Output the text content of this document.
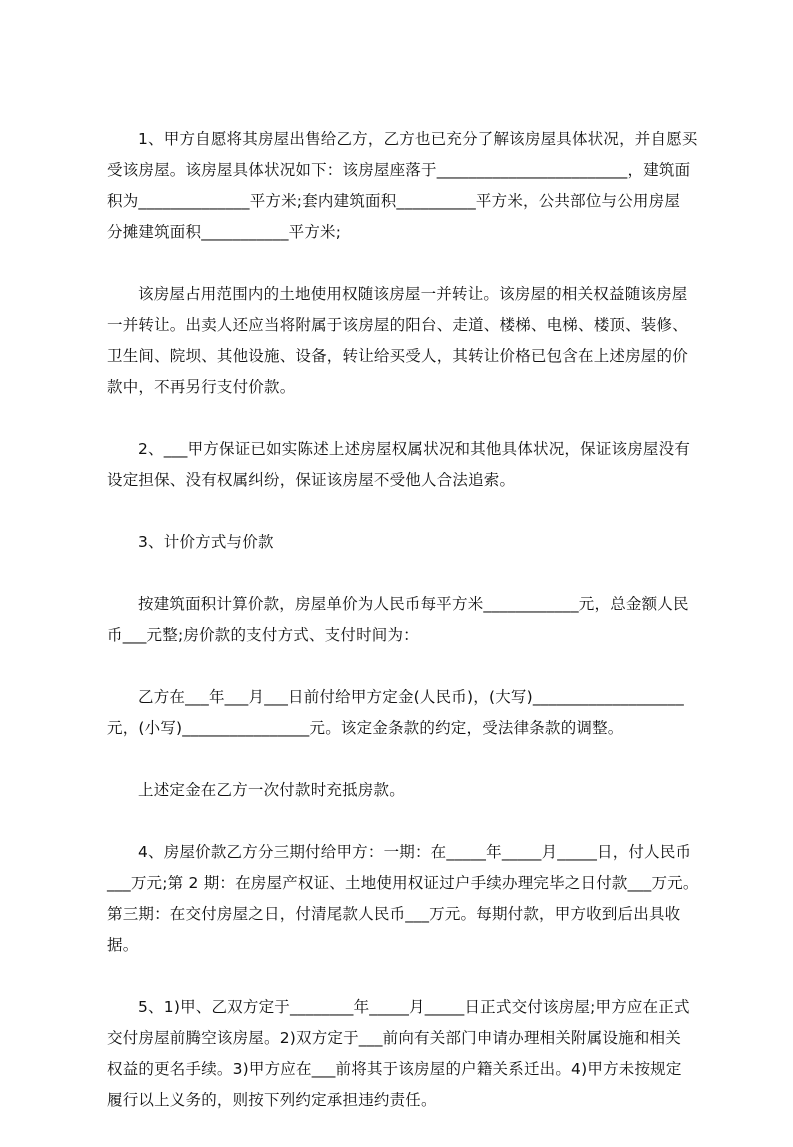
1、甲方自愿将其房屋出售给乙方，乙方也已充分了解该房屋具体状况，并自愿买
受该房屋。该房屋具体状况如下：该房屋座落于________________________，建筑面
积为______________平方米;套内建筑面积__________平方米，公共部位与公用房屋
分摊建筑面积___________平方米;

该房屋占用范围内的土地使用权随该房屋一并转让。该房屋的相关权益随该房屋
一并转让。出卖人还应当将附属于该房屋的阳台、走道、楼梯、电梯、楼顶、装修、
卫生间、院坝、其他设施、设备，转让给买受人，其转让价格已包含在上述房屋的价
款中，不再另行支付价款。

2、___甲方保证已如实陈述上述房屋权属状况和其他具体状况，保证该房屋没有
设定担保、没有权属纠纷，保证该房屋不受他人合法追索。

3、计价方式与价款

按建筑面积计算价款，房屋单价为人民币每平方米____________元，总金额人民
币___元整;房价款的支付方式、支付时间为：

乙方在___年___月___日前付给甲方定金(人民币)，(大写)___________________
元，(小写)________________元。该定金条款的约定，受法律条款的调整。

上述定金在乙方一次付款时充抵房款。

4、房屋价款乙方分三期付给甲方：一期：在_____年_____月_____日，付人民币
___万元;第 2 期：在房屋产权证、土地使用权证过户手续办理完毕之日付款___万元。
第三期：在交付房屋之日，付清尾款人民币___万元。每期付款，甲方收到后出具收
据。

5、1)甲、乙双方定于________年_____月_____日正式交付该房屋;甲方应在正式
交付房屋前腾空该房屋。2)双方定于___前向有关部门申请办理相关附属设施和相关
权益的更名手续。3)甲方应在___前将其于该房屋的户籍关系迁出。4)甲方未按规定
履行以上义务的，则按下列约定承担违约责任。
